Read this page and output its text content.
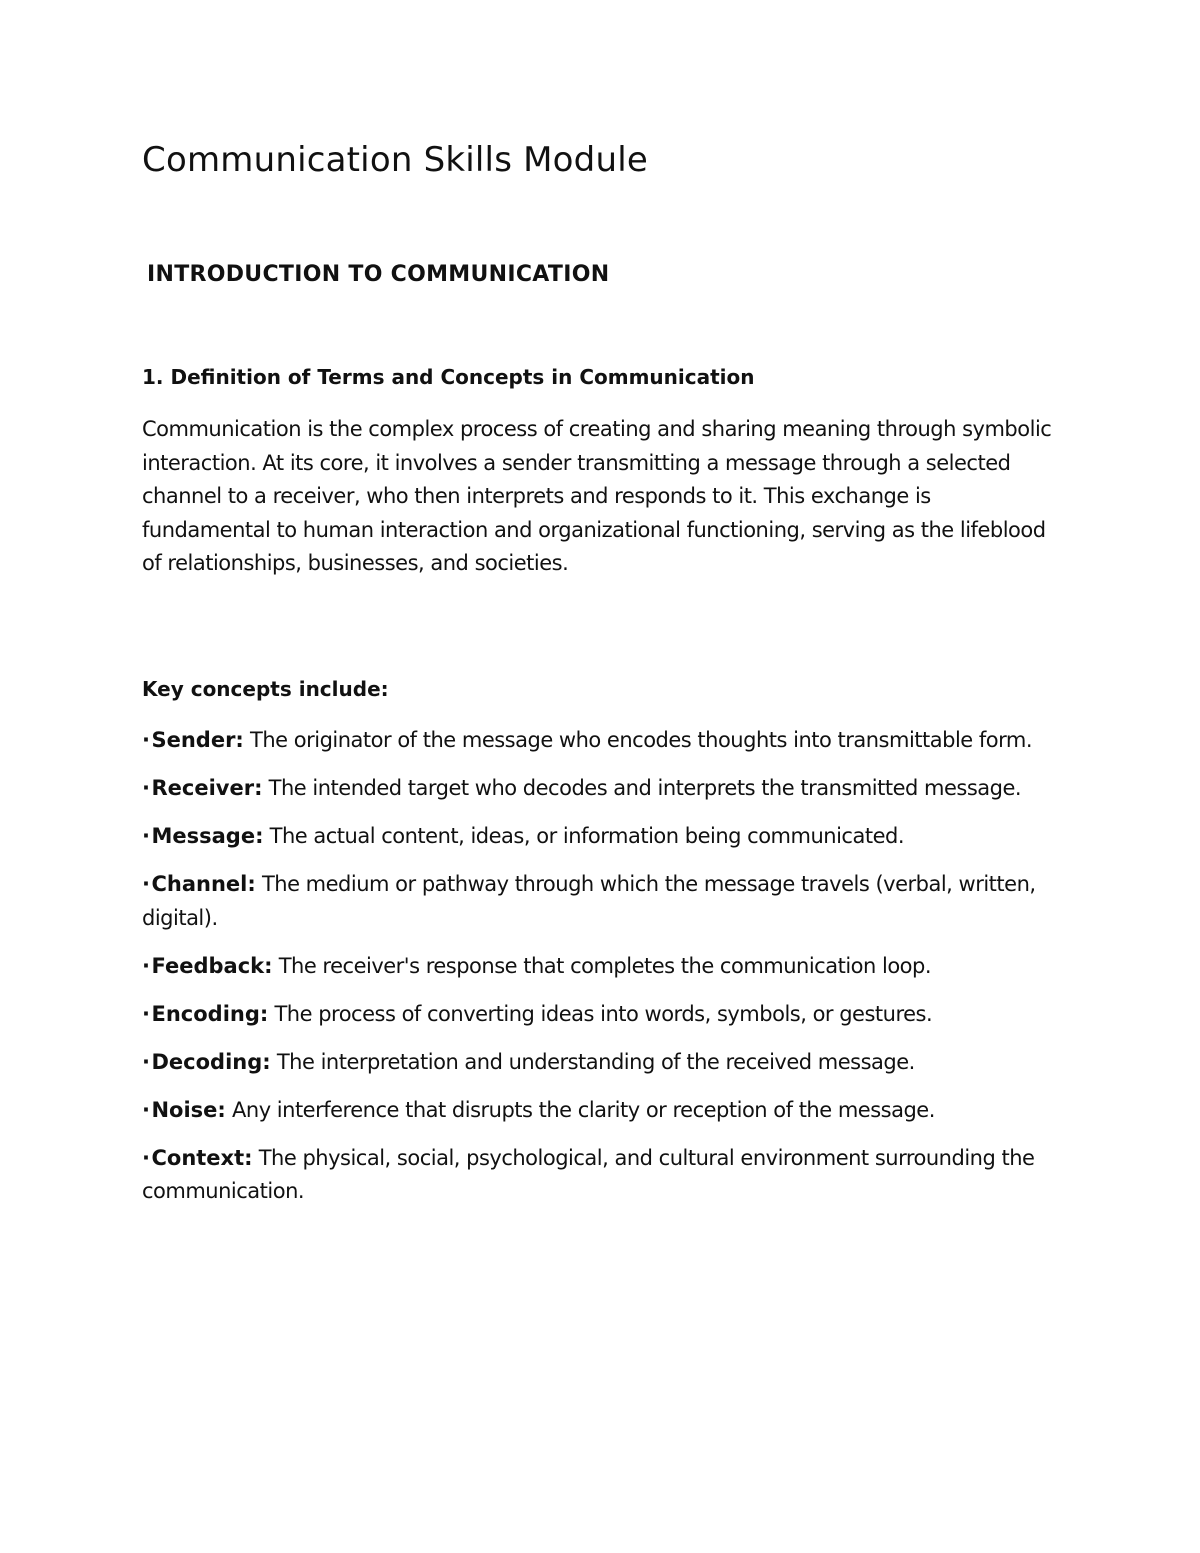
Communication Skills Module
INTRODUCTION TO COMMUNICATION
1. Definition of Terms and Concepts in Communication

Communication is the complex process of creating and sharing meaning through symbolic interaction. At its core, it involves a sender transmitting a message through a selected channel to a receiver, who then interprets and responds to it. This exchange is fundamental to human interaction and organizational functioning, serving as the lifeblood of relationships, businesses, and societies.

Key concepts include:

·Sender: The originator of the message who encodes thoughts into transmittable form.
·Receiver: The intended target who decodes and interprets the transmitted message.
·Message: The actual content, ideas, or information being communicated.
·Channel: The medium or pathway through which the message travels (verbal, written, digital).
·Feedback: The receiver's response that completes the communication loop.
·Encoding: The process of converting ideas into words, symbols, or gestures.
·Decoding: The interpretation and understanding of the received message.
·Noise: Any interference that disrupts the clarity or reception of the message.
·Context: The physical, social, psychological, and cultural environment surrounding the communication.
